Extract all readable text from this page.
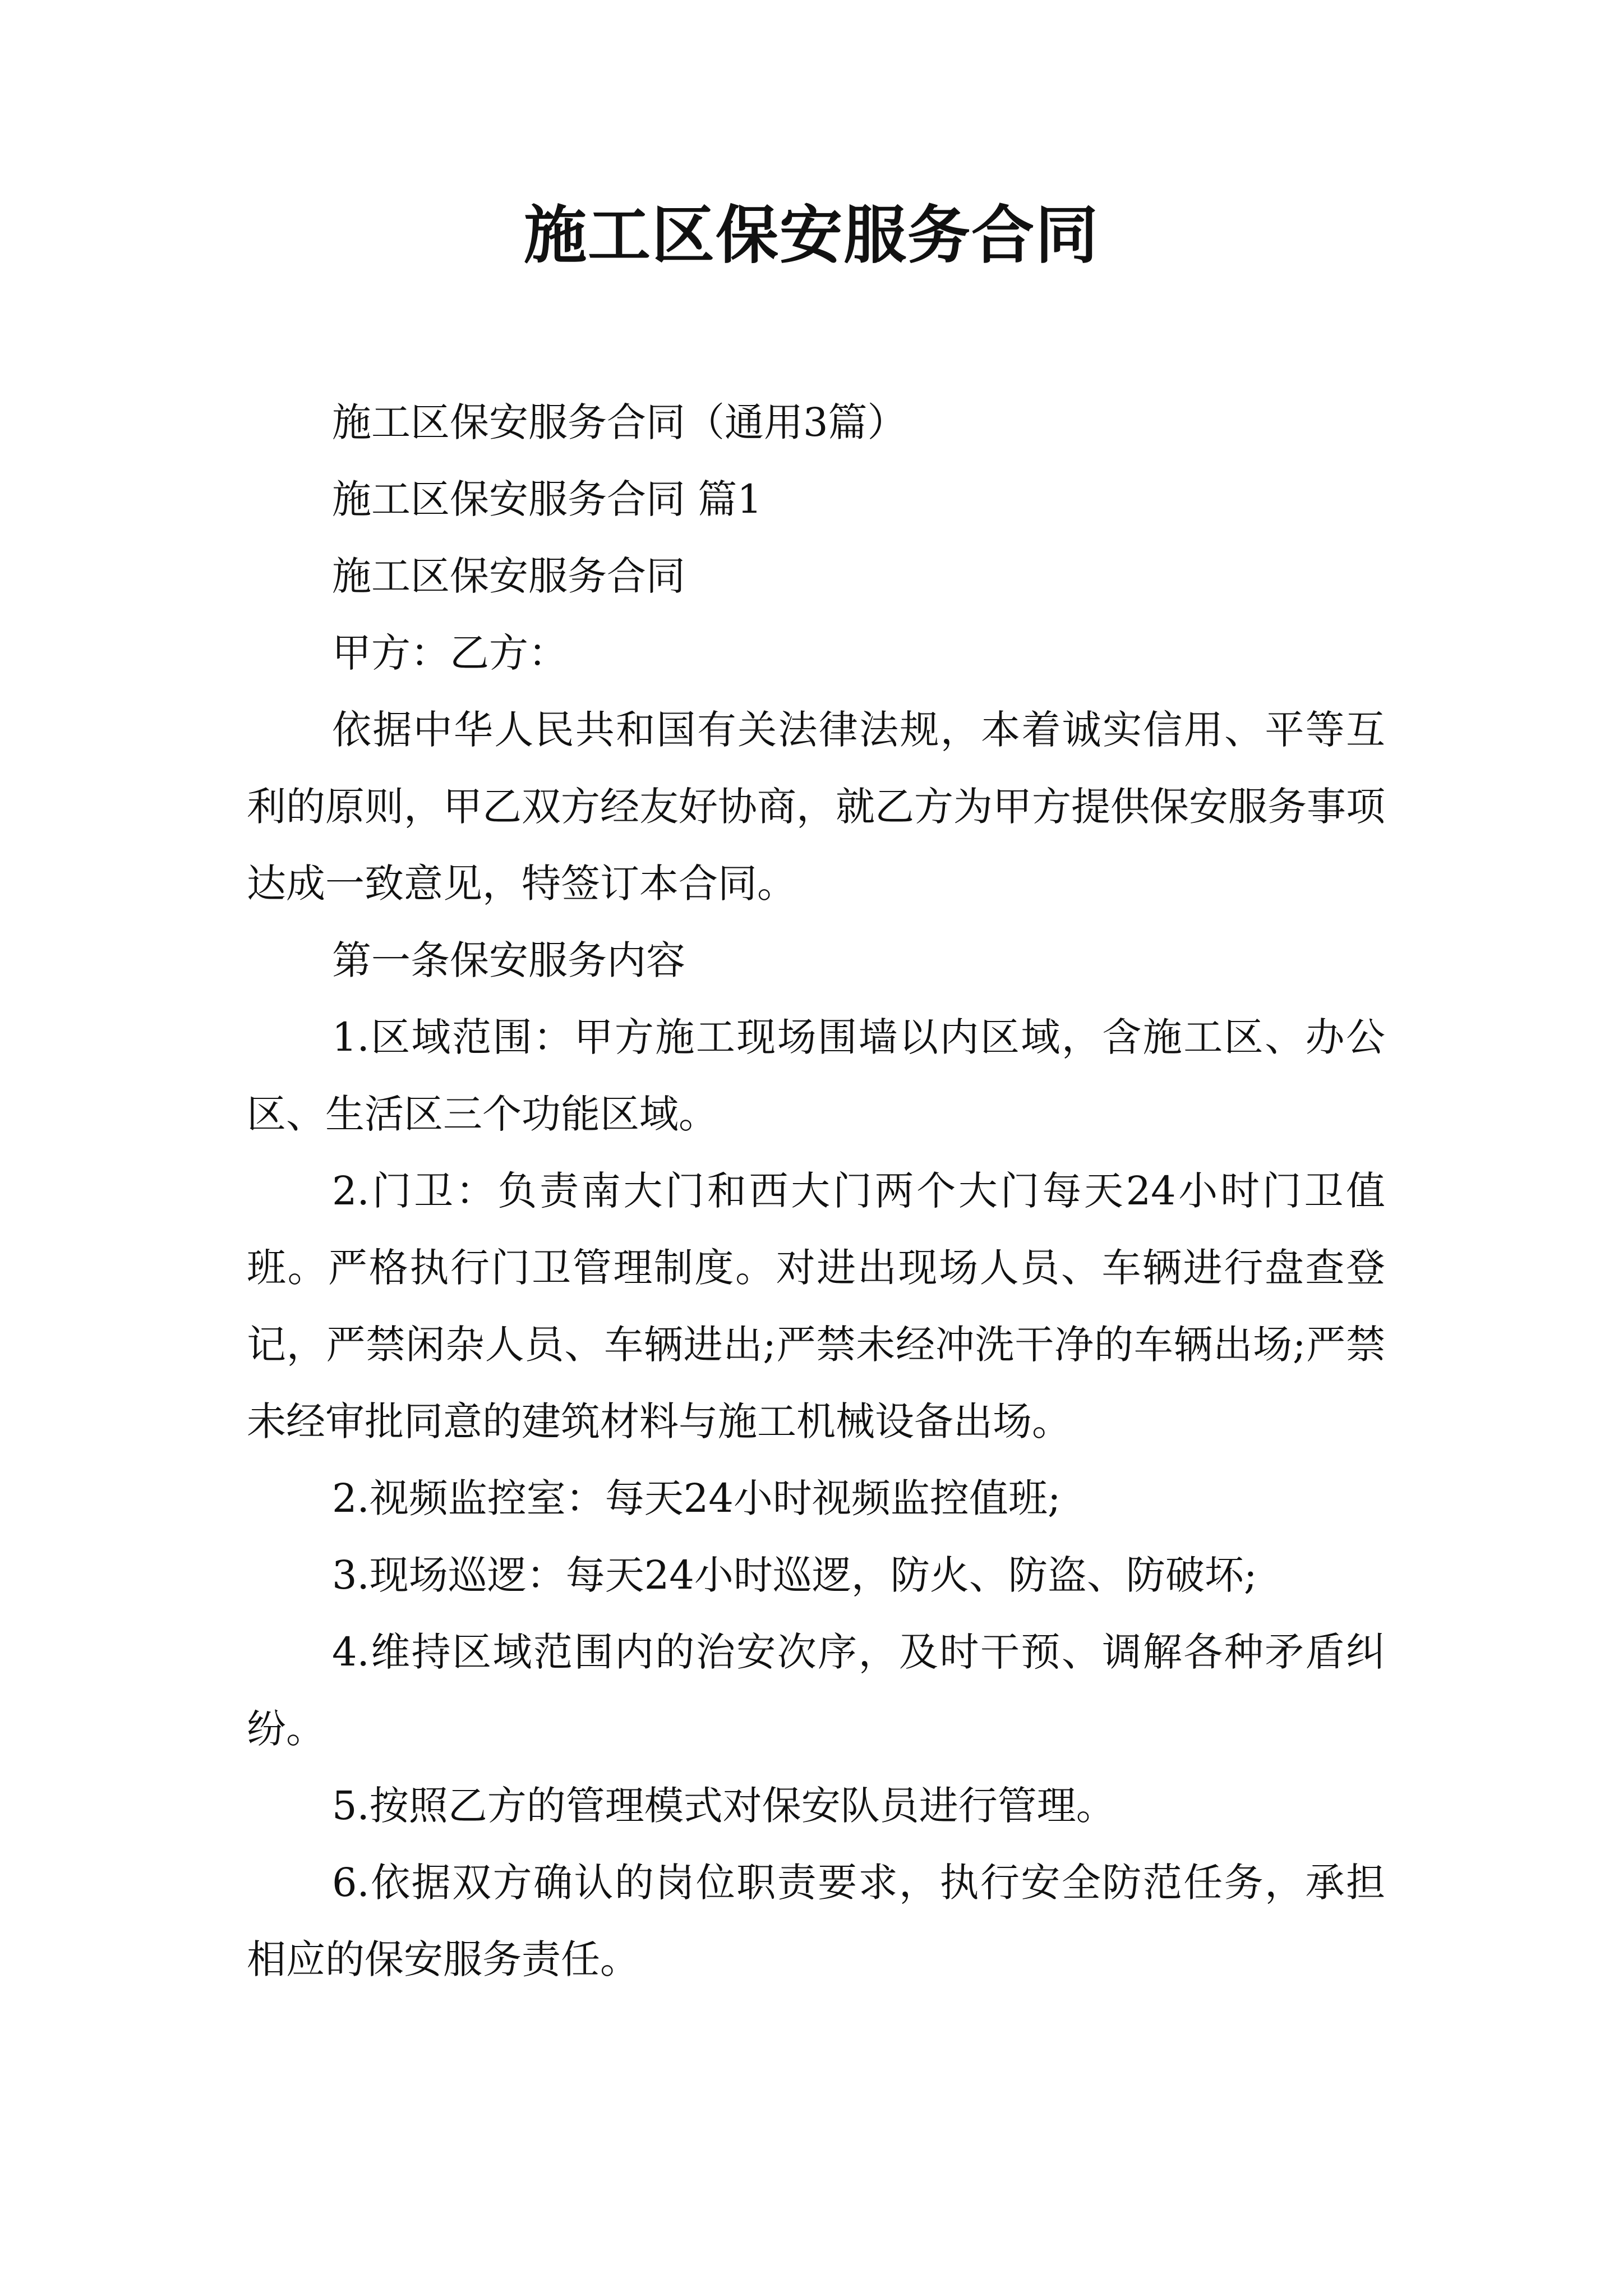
施工区保安服务合同

施工区保安服务合同（通用3篇）

施工区保安服务合同 篇1

施工区保安服务合同

甲方：乙方：

依据中华人民共和国有关法律法规，本着诚实信用、平等互利的原则，甲乙双方经友好协商，就乙方为甲方提供保安服务事项达成一致意见，特签订本合同。

第一条保安服务内容

1.区域范围：甲方施工现场围墙以内区域，含施工区、办公区、生活区三个功能区域。

2.门卫：负责南大门和西大门两个大门每天24小时门卫值班。严格执行门卫管理制度。对进出现场人员、车辆进行盘查登记，严禁闲杂人员、车辆进出;严禁未经冲洗干净的车辆出场;严禁未经审批同意的建筑材料与施工机械设备出场。

2.视频监控室：每天24小时视频监控值班;

3.现场巡逻：每天24小时巡逻，防火、防盗、防破坏;

4.维持区域范围内的治安次序，及时干预、调解各种矛盾纠纷。

5.按照乙方的管理模式对保安队员进行管理。

6.依据双方确认的岗位职责要求，执行安全防范任务，承担相应的保安服务责任。
